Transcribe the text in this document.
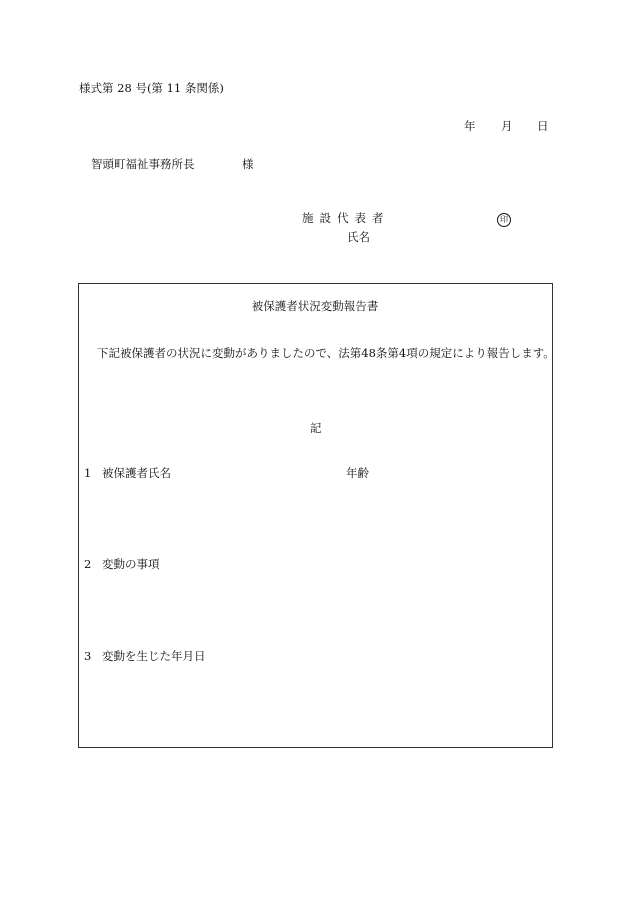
様式第 28 号(第 11 条関係)
年 月 日
智頭町福祉事務所長	様
施設代表者	印
氏名
被保護者状況変動報告書
下記被保護者の状況に変動がありましたので、法第48条第4項の規定により報告します。
記
1 被保護者氏名	年齢
2 変動の事項
3 変動を生じた年月日
